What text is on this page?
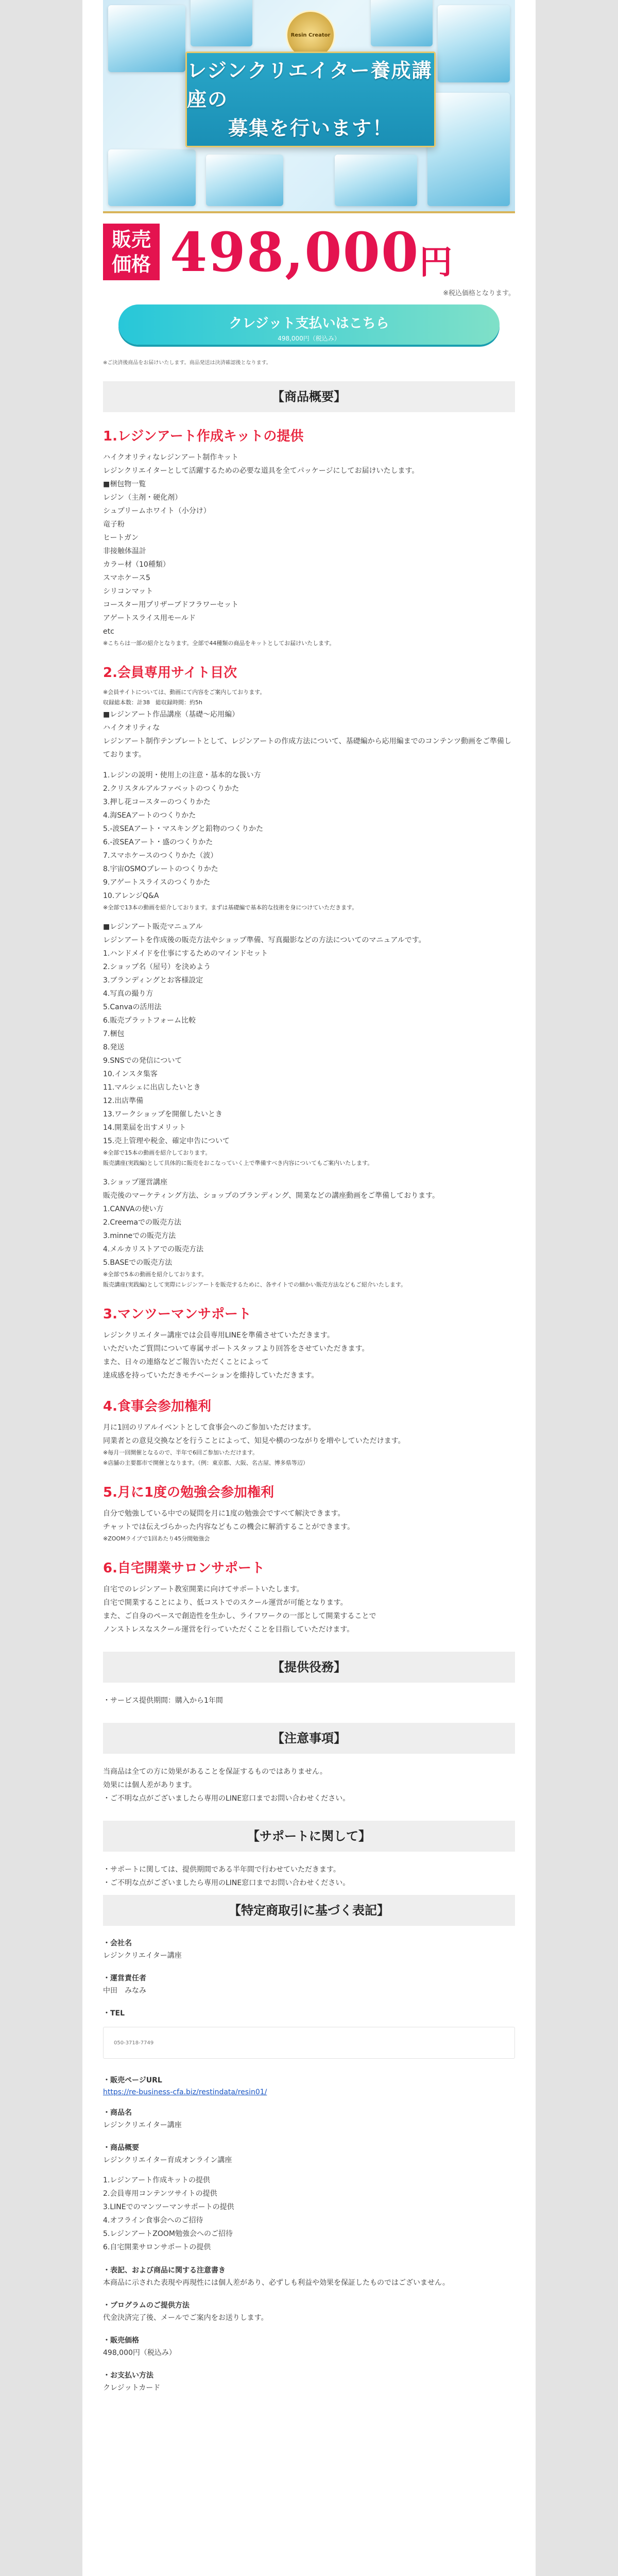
Resin Creator
レジンクリエイター養成講座の
募集を行います！
販売
価格 498,000 円
※税込価格となります。
クレジット支払いはこちら
498,000円（税込み）
※ご決済後商品をお届けいたします。商品発送は決済確認後となります。
【商品概要】
1.レジンアート作成キットの提供
ハイクオリティなレジンアート制作キット
レジンクリエイターとして活躍するための必要な道具を全てパッケージにしてお届けいたします。
■梱包物一覧
レジン（主剤・硬化剤）
シュプリームホワイト（小分け）
竜子粉
ヒートガン
非接触体温計
カラー材（10種類）
スマホケース5
シリコンマット
コースター用プリザーブドフラワーセット
アゲートスライス用モールド
etc
※こちらは一部の紹介となります。全部で44種類の商品をキットとしてお届けいたします。
2.会員専用サイト目次
※会員サイトについては、動画にて内容をご案内しております。
収録総本数：計38　総収録時間：約5h
■レジンアート作品講座（基礎〜応用編）
ハイクオリティな
レジンアート制作テンプレートとして、レジンアートの作成方法について、基礎編から応用編までのコンテンツ動画をご準備しております。
1.レジンの説明・使用上の注意・基本的な扱い方
2.クリスタルアルファベットのつくりかた
3.押し花コースターのつくりかた
4.海SEAアートのつくりかた
5.-波SEAアート・マスキングと鉛物のつくりかた
6.-波SEAアート・盛のつくりかた
7.スマホケースのつくりかた（波）
8.宇宙OSMOプレートのつくりかた
9.アゲートスライスのつくりかた
10.アレンジQ&A
※全部で13本の動画を紹介しております。まずは基礎編で基本的な技術を身につけていただきます。
■レジンアート販売マニュアル
レジンアートを作成後の販売方法やショップ準備、写真撮影などの方法についてのマニュアルです。
1.ハンドメイドを仕事にするためのマインドセット
2.ショップ名（屋号）を決めよう
3.ブランディングとお客様設定
4.写真の撮り方
5.Canvaの活用法
6.販売プラットフォーム比較
7.梱包
8.発送
9.SNSでの発信について
10.インスタ集客
11.マルシェに出店したいとき
12.出店準備
13.ワークショップを開催したいとき
14.開業届を出すメリット
15.売上管理や税金、確定申告について
※全部で15本の動画を紹介しております。
販売講座(実践編)として具体的に販売をおこなっていく上で準備すべき内容についてもご案内いたします。
3.ショップ運営講座
販売後のマーケティング方法、ショップのブランディング、開業などの講座動画をご準備しております。
1.CANVAの使い方
2.Creemaでの販売方法
3.minneでの販売方法
4.メルカリストアでの販売方法
5.BASEでの販売方法
※全部で5本の動画を紹介しております。
販売講座(実践編)として実際にレジンアートを販売するために、各サイトでの細かい販売方法などもご紹介いたします。
3.マンツーマンサポート
レジンクリエイター講座では会員専用LINEを準備させていただきます。
いただいたご質問について専属サポートスタッフより回答をさせていただきます。
また、日々の連絡などご報告いただくことによって
達成感を持っていただきモチベーションを維持していただきます。
4.食事会参加権利
月に1回のリアルイベントとして食事会へのご参加いただけます。
同業者との意見交換などを行うことによって、知見や横のつながりを増やしていただけます。
※毎月一回開催となるので、半年で6回ご参加いただけます。
※店舗の主要都市で開催となります。（例：東京都、大阪、名古屋、博多県等辺）
5.月に1度の勉強会参加権利
自分で勉強している中での疑問を月に1度の勉強会ですべて解決できます。
チャットでは伝えづらかった内容などもこの機会に解消することができます。
※ZOOMライブで1回あたり45分間勉強会
6.自宅開業サロンサポート
自宅でのレジンアート教室開業に向けてサポートいたします。
自宅で開業することにより、低コストでのスクール運営が可能となります。
また、ご自身のペースで創造性を生かし、ライフワークの一部として開業することで
ノンストレスなスクール運営を行っていただくことを目指していただけます。
【提供役務】
・サービス提供期間：購入から1年間
【注意事項】
当商品は全ての方に効果があることを保証するものではありません。
効果には個人差があります。
・ご不明な点がございましたら専用のLINE窓口までお問い合わせください。
【サポートに関して】
・サポートに関しては、提供期間である半年間で行わせていただきます。
・ご不明な点がございましたら専用のLINE窓口までお問い合わせください。
【特定商取引に基づく表記】
・会社名
レジンクリエイター講座
・運営責任者
中田　みなみ
・TEL
050-3718-7749
・販売ページURL
https://re-business-cfa.biz/restindata/resin01/
・商品名
レジンクリエイター講座
・商品概要
レジンクリエイター育成オンライン講座
1.レジンアート作成キットの提供
2.会員専用コンテンツサイトの提供
3.LINEでのマンツーマンサポートの提供
4.オフライン食事会へのご招待
5.レジンアートZOOM勉強会へのご招待
6.自宅開業サロンサポートの提供
・表記、および商品に関する注意書き
本商品に示された表現や再現性には個人差があり、必ずしも利益や効果を保証したものではございません。
・プログラムのご提供方法
代金決済完了後、メールでご案内をお送りします。
・販売価格
498,000円（税込み）
・お支払い方法
クレジットカード
